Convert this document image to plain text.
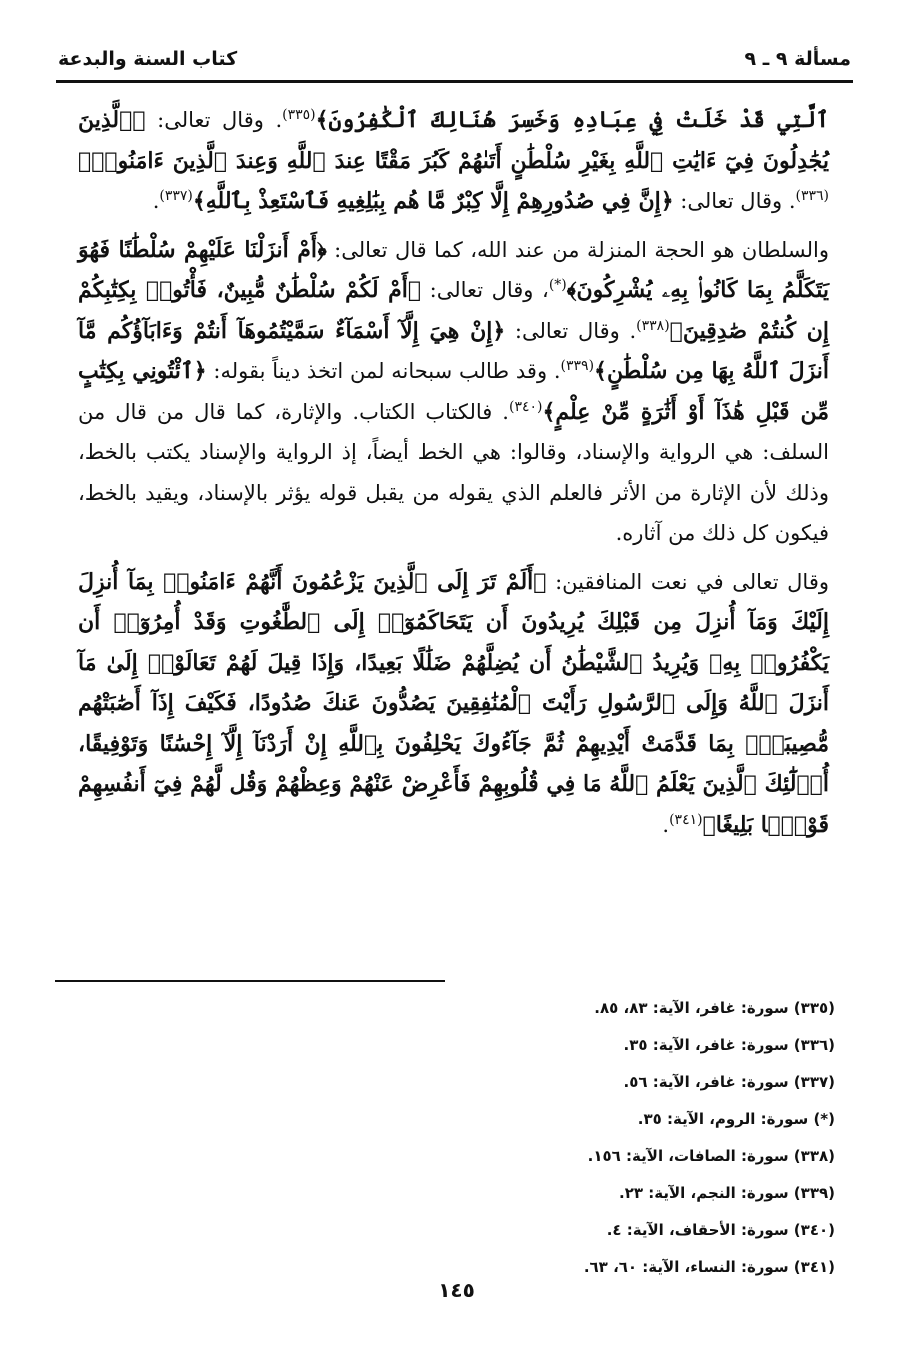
مسألة ٩ ـ ٩
كتاب السنة والبدعة

ٱلَّتِي قَدْ خَلَتْ فِي عِبَادِهِ وَخَسِرَ هُنَالِكَ ٱلْكَٰفِرُونَ﴾$^{(٣٣٥)}$. وقال تعالى: ﴿ٱلَّذِينَ يُجَٰدِلُونَ فِيٓ ءَايَٰتِ ٱللَّهِ بِغَيْرِ سُلْطَٰنٍ أَتَىٰهُمْ كَبُرَ مَقْتًا عِندَ ٱللَّهِ وَعِندَ ٱلَّذِينَ ءَامَنُوا۟﴾$^{(٣٣٦)}$. وقال تعالى: ﴿إِنَّ فِي صُدُورِهِمْ إِلَّا كِبْرٌ مَّا هُم بِبَٰلِغِيهِ فَٱسْتَعِذْ بِٱللَّهِ﴾$^{(٣٣٧)}$.

والسلطان هو الحجة المنزلة من عند الله، كما قال تعالى: ﴿أَمْ أَنزَلْنَا عَلَيْهِمْ سُلْطَٰنًا فَهُوَ يَتَكَلَّمُ بِمَا كَانُوا۟ بِهِۦ يُشْرِكُونَ﴾(*)، وقال تعالى: ﴿أَمْ لَكُمْ سُلْطَٰنٌ مُّبِينٌ، فَأْتُوا۟ بِكِتَٰبِكُمْ إِن كُنتُمْ صَٰدِقِينَ﴾$^{(٣٣٨)}$. وقال تعالى: ﴿إِنْ هِيَ إِلَّآ أَسْمَآءٌ سَمَّيْتُمُوهَآ أَنتُمْ وَءَابَآؤُكُم مَّآ أَنزَلَ ٱللَّهُ بِهَا مِن سُلْطَٰنٍ﴾$^{(٣٣٩)}$. وقد طالب سبحانه لمن اتخذ ديناً بقوله: ﴿ٱئْتُونِي بِكِتَٰبٍ مِّن قَبْلِ هَٰذَآ أَوْ أَثَٰرَةٍ مِّنْ عِلْمٍ﴾$^{(٣٤٠)}$. فالكتاب الكتاب. والإثارة، كما قال من قال من السلف: هي الرواية والإسناد، وقالوا: هي الخط أيضاً، إذ الرواية والإسناد يكتب بالخط، وذلك لأن الإثارة من الأثر فالعلم الذي يقوله من يقبل قوله يؤثر بالإسناد، ويقيد بالخط، فيكون كل ذلك من آثاره.

وقال تعالى في نعت المنافقين: ﴿أَلَمْ تَرَ إِلَى ٱلَّذِينَ يَزْعُمُونَ أَنَّهُمْ ءَامَنُوا۟ بِمَآ أُنزِلَ إِلَيْكَ وَمَآ أُنزِلَ مِن قَبْلِكَ يُرِيدُونَ أَن يَتَحَاكَمُوٓا۟ إِلَى ٱلطَّٰغُوتِ وَقَدْ أُمِرُوٓا۟ أَن يَكْفُرُوا۟ بِهِۦ وَيُرِيدُ ٱلشَّيْطَٰنُ أَن يُضِلَّهُمْ ضَلَٰلًا بَعِيدًا، وَإِذَا قِيلَ لَهُمْ تَعَالَوْا۟ إِلَىٰ مَآ أَنزَلَ ٱللَّهُ وَإِلَى ٱلرَّسُولِ رَأَيْتَ ٱلْمُنَٰفِقِينَ يَصُدُّونَ عَنكَ صُدُودًا، فَكَيْفَ إِذَآ أَصَٰبَتْهُم مُّصِيبَةٌۢ بِمَا قَدَّمَتْ أَيْدِيهِمْ ثُمَّ جَآءُوكَ يَحْلِفُونَ بِٱللَّهِ إِنْ أَرَدْنَآ إِلَّآ إِحْسَٰنًا وَتَوْفِيقًا، أُو۟لَٰٓئِكَ ٱلَّذِينَ يَعْلَمُ ٱللَّهُ مَا فِي قُلُوبِهِمْ فَأَعْرِضْ عَنْهُمْ وَعِظْهُمْ وَقُل لَّهُمْ فِيٓ أَنفُسِهِمْ قَوْلًۢا بَلِيغًا﴾$^{(٣٤١)}$.

(٣٣٥) سورة: غافر، الآية: ٨٣، ٨٥.
(٣٣٦) سورة: غافر، الآية: ٣٥.
(٣٣٧) سورة: غافر، الآية: ٥٦.
(*) سورة: الروم، الآية: ٣٥.
(٣٣٨) سورة: الصافات، الآية: ١٥٦.
(٣٣٩) سورة: النجم، الآية: ٢٣.
(٣٤٠) سورة: الأحقاف، الآية: ٤.
(٣٤١) سورة: النساء، الآية: ٦٠، ٦٣.
١٤٥
